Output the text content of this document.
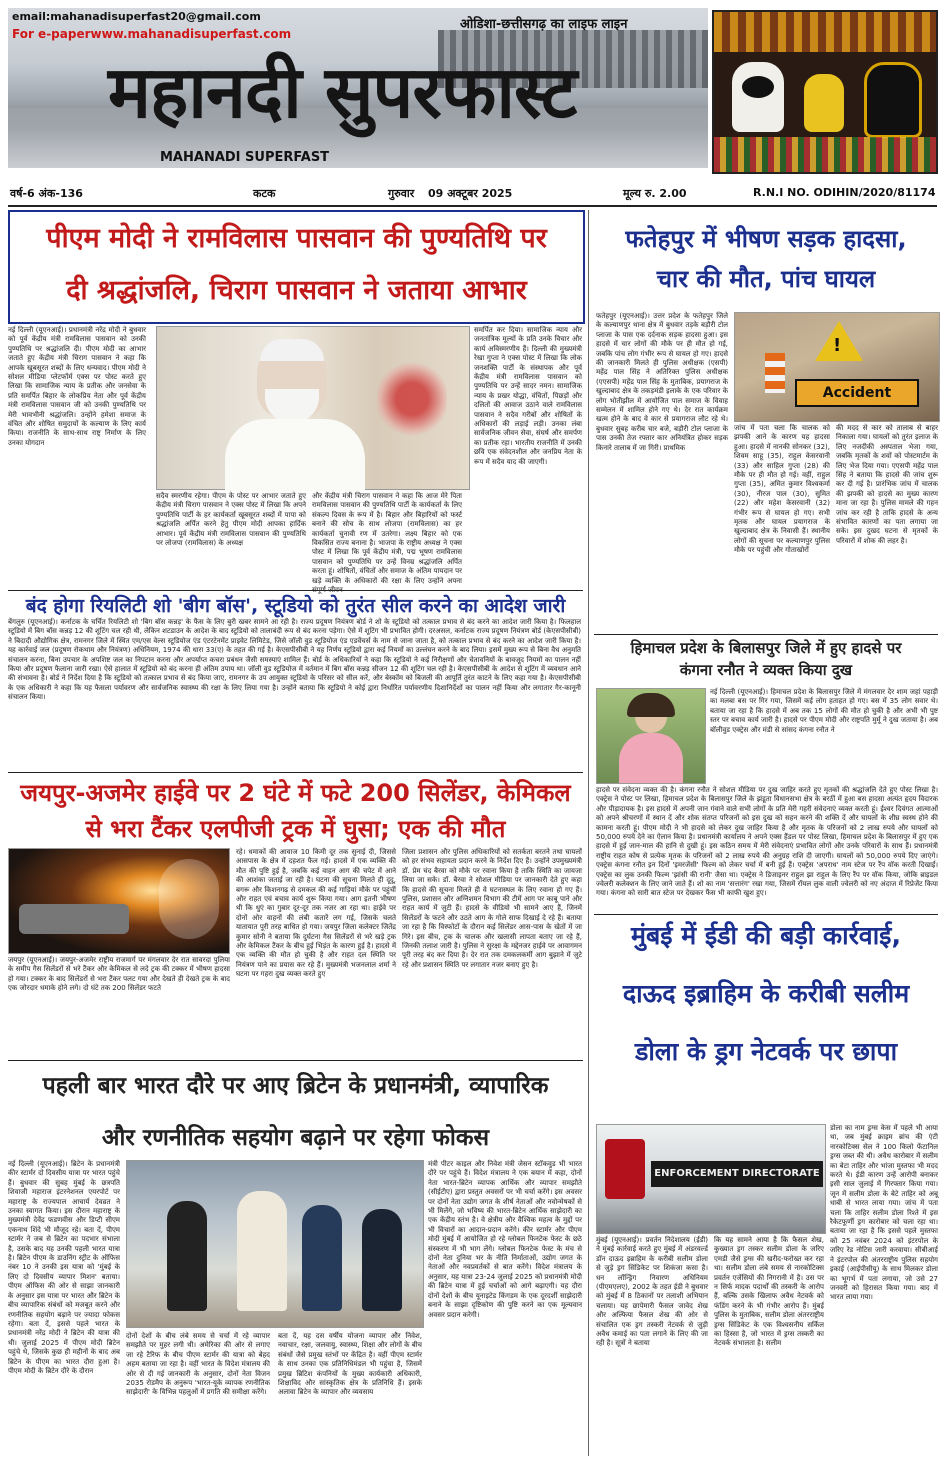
email:mahanadisuperfast20@gmail.com
For e-paperwww.mahanadisuperfast.com
ओडिशा-छत्तीसगढ़ का लाइफ लाइन
महानदी सुपरफास्ट
MAHANADI SUPERFAST
वर्ष-6 अंक-136	कटक	गुरुवार 09 अक्टूबर 2025	मूल्य रु. 2.00	R.N.I NO. ODIHIN/2020/81174
पीएम मोदी ने रामविलास पासवान की पुण्यतिथि पर
दी श्रद्धांजलि, चिराग पासवान ने जताया आभार
नई दिल्ली (यूएनआई)। प्रधानमंत्री नरेंद्र मोदी ने बुधवार को पूर्व केंद्रीय मंत्री रामविलास पासवान को उनकी पुण्यतिथि पर श्रद्धांजलि दी। पीएम मोदी का आभार जताते हुए केंद्रीय मंत्री चिराग पासवान ने कहा कि आपके खूबसूरत शब्दों के लिए धन्यवाद। पीएम मोदी ने सोशल मीडिया प्लेटफॉर्म एक्स पर पोस्ट करते हुए लिखा कि सामाजिक न्याय के प्रतीक और जनसेवा के प्रति समर्पित बिहार के लोकप्रिय नेता और पूर्व केंद्रीय मंत्री रामविलास पासवान जी को उनकी पुण्यतिथि पर मेरी भावभीनी श्रद्धांजलि। उन्होंने हमेशा समाज के वंचित और शोषित समुदायों के कल्याण के लिए कार्य किया। राजनीति के साथ-साथ राष्ट्र निर्माण के लिए उनका योगदान
सदैव स्मरणीय रहेगा। पीएम के पोस्ट पर आभार जताते हुए केंद्रीय मंत्री चिराग पासवान ने एक्स पोस्ट में लिखा कि अपने पुण्यतिथि पार्टी के हर कार्यकर्ता खूबसूरत शब्दों में पापा को श्रद्धांजलि अर्पित करने हेतु पीएम मोदी आपका हार्दिक आभार। पूर्व केंद्रीय मंत्री रामविलास पासवान की पुण्यतिथि पर लोजपा (रामविलास) के अध्यक्ष
और केंद्रीय मंत्री चिराग पासवान ने कहा कि आज मेरे पिता रामविलास पासवान की पुण्यतिथि पार्टी के कार्यकर्ता के लिए संकल्प दिवस के रूप में है। बिहार और बिहारियों को फर्स्ट बनाने की सोच के साथ लोजपा (रामविलास) का हर कार्यकर्ता चुनावी रण में उतरेगा। लक्ष्य बिहार को एक विकसित राज्य बनाना है। भाजपा के राष्ट्रीय अध्यक्ष ने एक्स पोस्ट में लिखा कि पूर्व केंद्रीय मंत्री, पद्म भूषण रामविलास पासवान को पुण्यतिथि पर उन्हें विनम्र श्रद्धांजलि अर्पित करता हूं। शोषितों, वंचितों और समाज के अंतिम पायदान पर खड़े व्यक्ति के अधिकारों की रक्षा के लिए उन्होंने अपना
समर्पित कर दिया। सामाजिक न्याय और जनतांत्रिक मूल्यों के प्रति उनके विचार और कार्य अविस्मरणीय हैं। दिल्ली की मुख्यमंत्री रेखा गुप्ता ने एक्स पोस्ट में लिखा कि लोक जनशक्ति पार्टी के संस्थापक और पूर्व केंद्रीय मंत्री रामविलास पासवान को पुण्यतिथि पर उन्हें सादर नमन। सामाजिक न्याय के प्रखर योद्धा, वंचितों, पिछड़ों और दलितों की आवाज उठाने वाले रामविलास पासवान ने सदैव गरीबों और शोषितों के अधिकारों की लड़ाई लड़ी। उनका लंबा सार्वजनिक जीवन सेवा, संघर्ष और समर्पण का प्रतीक रहा। भारतीय राजनीति में उनकी छवि एक संवेदनशील और जनप्रिय नेता के रूप में सदैव याद की जाएगी।
बंद होगा रियलिटी शो 'बीग बॉस', स्टूडियो को तुरंत सील करने का आदेश जारी
बेंगलुरु (यूएनआई)। कर्नाटक के चर्चित रियलिटी शो 'बिग बॉस कन्नड़' के फैंस के लिए बुरी खबर सामने आ रही है। राज्य प्रदूषण नियंत्रण बोर्ड ने शो के स्टूडियो को तत्काल प्रभाव से बंद करने का आदेश जारी किया है। फिलहाल स्टूडियो में बिग बॉस कन्नड़ 12 की शूटिंग चल रही थी, लेकिन शटडाउन के आदेश के बाद स्टूडियो को तालाबंदी रूप से बंद करना पड़ेगा। ऐसे में शूटिंग भी प्रभावित होगी। दरअसल, कर्नाटक राज्य प्रदूषण नियंत्रण बोर्ड (केएसपीसीबी) ने बिदादी औद्योगिक क्षेत्र, रामनगर जिले में स्थित एम/एस वेल्स स्टूडियोज एंड एंटरटेनमेंट प्राइवेट लिमिटेड, जिसे जॉली वुड स्टूडियोज एंड एडवेंचर्स के नाम से जाना जाता है, को तत्काल प्रभाव से बंद करने का आदेश जारी किया है। यह कार्रवाई जल (प्रदूषण रोकथाम और नियंत्रण) अधिनियम, 1974 की धारा 33(ए) के तहत की गई है। केएसपीसीबी ने यह निर्णय स्टूडियो द्वारा कई नियमों का उल्लंघन करने के बाद लिया। इसमें मुख्य रूप से बिना वैध अनुमति संचालन करना, बिना उपचार के अपशिष्ट जल का निपटान करना और अपर्याप्त कचरा प्रबंधन जैसी समस्याएं शामिल हैं। बोर्ड के अधिकारियों ने कहा कि स्टूडियो ने कई निरीक्षणों और चेतावनियों के बावजूद नियमों का पालन नहीं किया और प्रदूषण फैलाना जारी रखा। ऐसे हालात में स्टूडियो को बंद करना ही अंतिम उपाय था। जॉली वुड स्टूडियोज में वर्तमान में बिग बॉस कन्नड़ सीजन 12 की शूटिंग चल रही है। केएसपीसीबी के आदेश से शूटिंग में व्यवधान आने की संभावना है। बोर्ड ने निर्देश दिया है कि स्टूडियो को तत्काल प्रभाव से बंद किया जाए, रामनगर के उप आयुक्त स्टूडियो के परिसर को सील करें, और बेस्कॉम को बिजली की आपूर्ति तुरंत काटने के लिए कहा गया है। केएसपीसीबी के एक अधिकारी ने कहा कि यह फैसला पर्यावरण और सार्वजनिक स्वास्थ्य की रक्षा के लिए लिया गया है। उन्होंने बताया कि स्टूडियो ने कोई द्वारा निर्धारित पर्यावरणीय दिशानिर्देशों का पालन नहीं किया और लगातार गैर-कानूनी संचालन किया।
जयपुर-अजमेर हाईवे पर 2 घंटे में फटे 200 सिलेंडर, केमिकल
से भरा टैंकर एलपीजी ट्रक में घुसा; एक की मौत
जयपुर (यूएनआई)। जयपुर-अजमेर राष्ट्रीय राजमार्ग पर मंगलवार देर रात सावरदा पुलिया के समीप गैस सिलेंडरों से भरे टैंकर और केमिकल से लदे ट्रक की टक्कर में भीषण हादसा हो गया। टक्कर के बाद सिलेंडरों से भरा टैंकर पलट गया और देखते ही देखते ट्रक के बाद एक जोरदार धमाके होने लगे। दो घंटे तक 200 सिलेंडर फटते
रहे। धमाकों की आवाज 10 किमी दूर तक सुनाई दी, जिससे आसपास के क्षेत्र में दहशत फैल गई। हादसे में एक व्यक्ति की मौत की पुष्टि हुई है, जबकि कई वाहन आग की चपेट में आने की आशंका जताई जा रही है। घटना की सूचना मिलते ही दूदू, बगरू और किशनगढ़ से दमकल की कई गाड़ियां मौके पर पहुंचीं और राहत एवं बचाव कार्य शुरू किया गया। आग इतनी भीषण थी कि धुएं का गुबार दूर-दूर तक नजर आ रहा था। हाईवे पर दोनों ओर वाहनों की लंबी कतारें लग गई, जिसके चलते यातायात पूरी तरह बाधित हो गया। जयपुर जिला कलेक्टर जितेंद्र कुमार सोनी ने बताया कि दुर्घटना गैस सिलेंडरों से भरे खड़े ट्रक और केमिकल टैंकर के बीच हुई भिड़ंत के कारण हुई है। हादसे में एक व्यक्ति की मौत हो चुकी है और राहत दल स्थिति पर नियंत्रण पाने का प्रयास कर रहे हैं। मुख्यमंत्री भजनलाल शर्मा ने घटना पर गहरा दुख व्यक्त करते हुए
जिला प्रशासन और पुलिस अधिकारियों को सतर्कता बरतने तथा घायलों को हर संभव सहायता प्रदान करने के निर्देश दिए हैं। उन्होंने उपमुख्यमंत्री डॉ. प्रेम चंद बैरवा को मौके पर रवाना किया है ताकि स्थिति का जायजा लिया जा सके। डॉ. बैरवा ने सोशल मीडिया पर जानकारी देते हुए कहा कि हादसे की सूचना मिलते ही वे घटनास्थल के लिए रवाना हो गए हैं। पुलिस, प्रशासन और अग्निशमन विभाग की टीमें आग पर काबू पाने और राहत कार्य में जुटी हैं। हादसे के वीडियो भी सामने आए हैं, जिनमें सिलेंडरों के फटने और उठते आग के गोले साफ दिखाई दे रहे हैं। बताया जा रहा है कि विस्फोटों के दौरान कई सिलेंडर आस-पास के खेतों में जा गिरे। इस बीच, ट्रक के चालक और खलासी लापता बताए जा रहे हैं, जिनकी तलाश जारी है। पुलिस ने सुरक्षा के मद्देनजर हाईवे पर आवागमन पूरी तरह बंद कर दिया है। देर रात तक दमकलकर्मी आग बुझाने में जुटे रहे और प्रशासन स्थिति पर लगातार नजर बनाए हुए है।
पहली बार भारत दौरे पर आए ब्रिटेन के प्रधानमंत्री, व्यापारिक
और रणनीतिक सहयोग बढ़ाने पर रहेगा फोकस
नई दिल्ली (यूएनआई)। ब्रिटेन के प्रधानमंत्री कीर स्टार्मर दो दिवसीय यात्रा पर भारत पहुंचे हैं। बुधवार की सुबह मुंबई के छत्रपति शिवाजी महाराज इंटरनेशनल एयरपोर्ट पर महाराष्ट्र के राज्यपाल आचार्य देवव्रत ने उनका स्वागत किया। इस दौरान महाराष्ट्र के मुख्यमंत्री देवेंद्र फडणवीस और डिप्टी सीएम एकनाथ शिंदे भी मौजूद रहे। बता दें, पीएम स्टार्मर ने जब से ब्रिटेन का पदभार संभाला है, उसके बाद यह उनकी पहली भारत यात्रा है। ब्रिटेन पीएम के डाउनिंग स्ट्रीट के ऑफिस नंबर 10 ने उनकी इस यात्रा को 'मुंबई के लिए दो दिवसीय व्यापार मिशन' बताया। पीएम ऑफिस की ओर से साझा जानकारी के अनुसार इस यात्रा पर भारत और ब्रिटेन के बीच व्यापारिक संबंधों को मजबूत करने और रणनीतिक सहयोग बढ़ाने पर ज्यादा फोकस रहेगा। बता दें, इससे पहले भारत के प्रधानमंत्री नरेंद्र मोदी ने ब्रिटेन की यात्रा की थी। जुलाई 2025 में पीएम मोदी ब्रिटेन पहुंचे थे, जिसके कुछ ही महीनों के बाद अब ब्रिटेन के पीएम का भारत दौरा हुआ है। पीएम मोदी के ब्रिटेन दौरे के दौरान
दोनों देशों के बीच लंबे समय से चर्चा में रहे व्यापार समझौते पर मुहर लगी थी। अमेरिका की ओर से लगाए जा रहे टैरिफ के बीच पीएम स्टार्मर की यात्रा को बेहद अहम बताया जा रहा है। वहीं भारत के विदेश मंत्रालय की ओर से दी गई जानकारी के अनुसार, दोनों नेता विजन 2035 रोडमैप के अनुरूप 'भारत-यूके व्यापक रणनीतिक साझेदारी' के विभिन्न पहलुओं में प्रगति की समीक्षा करेंगे।
बता दें, यह दस वर्षीय योजना व्यापार और निवेश, नवाचार, रक्षा, जलवायु, स्वास्थ्य, शिक्षा और लोगों के बीच संबंधों जैसे प्रमुख स्तंभों पर केंद्रित है। वहीं पीएम स्टार्मर के साथ उनका एक प्रतिनिधिमंडल भी पहुंचा है, जिसमें प्रमुख ब्रिटिश कंपनियों के मुख्य कार्यकारी अधिकारी, शिक्षाविद और सांस्कृतिक क्षेत्र के प्रतिनिधि हैं। इसके अलावा ब्रिटेन के व्यापार और व्यवसाय
मंत्री पीटर काइल और निवेश मंत्री जेसन स्टॉकवुड भी भारत दौरे पर पहुंचे हैं। विदेश मंत्रालय ने एक बयान में कहा, दोनों नेता भारत-ब्रिटेन व्यापक आर्थिक और व्यापार समझौते (सीईटीए) द्वारा प्रस्तुत अवसरों पर भी चर्चा करेंगे। इस अवसर पर दोनों नेता उद्योग जगत के शीर्ष नेताओं और नवोन्मेषकों से भी मिलेंगे, जो भविष्य की भारत-ब्रिटेन आर्थिक साझेदारी का एक केंद्रीय स्तंभ है। वे क्षेत्रीय और वैश्विक महत्व के मुद्दों पर भी विचारों का आदान-प्रदान करेंगे। कीर स्टार्मर और पीएम मोदी मुंबई में आयोजित हो रहे ग्लोबल फिनटेक फेस्ट के छठे संस्करण में भी भाग लेंगे। ग्लोबल फिनटेक फेस्ट के मंच से दोनों नेता दुनिया भर के नीति निर्माताओं, उद्योग जगत के नेताओं और नवप्रवर्तकों से बात करेंगे। विदेश मंत्रालय के अनुसार, यह यात्रा 23-24 जुलाई 2025 को प्रधानमंत्री मोदी की ब्रिटेन यात्रा में हुई चर्चाओं को आगे बढ़ाएगी। यह दौरा दोनों देशों के बीच यूनाइटेड किंगडम के एक दूरदर्शी साझेदारी बनाने के साझा दृष्टिकोण की पुष्टि करने का एक मूल्यवान अवसर प्रदान करेगी।
फतेहपुर में भीषण सड़क हादसा,
चार की मौत, पांच घायल
फतेहपुर (यूएनआई)। उत्तर प्रदेश के फतेहपुर जिले के कल्याणपुर थाना क्षेत्र में बुधवार तड़के बड़ौरी टोल प्लाजा के पास एक दर्दनाक सड़क हादसा हुआ। इस हादसे में चार लोगों की मौके पर ही मौत हो गई, जबकि पांच लोग गंभीर रूप से घायल हो गए। हादसे की जानकारी मिलते ही पुलिस अधीक्षक (एसपी) महेंद्र पाल सिंह ने अतिरिक्त पुलिस अधीक्षक (एएसपी) महेंद्र पाल सिंह के मुताबिक, प्रयागराज के खुल्दाबाद क्षेत्र के तकड़मंडी इलाके के एक परिवार के लोग भोतीझील में आयोजित पाल समाज के विवाह सम्मेलन में शामिल होने गए थे। देर रात कार्यक्रम खत्म होने के बाद वे कार से प्रयागराज लौट रहे थे। बुधवार सुबह करीब चार बजे, बड़ौरी टोल प्लाजा के पास उनकी तेज रफ्तार कार अनियंत्रित होकर सड़क किनारे तालाब में जा गिरी। प्राथमिक
!
Accident
जांच में पता चला कि चालक को झपकी आने के कारण यह हादसा हुआ। हादसे में नानकी सोनकर (32), शिवम साहू (35), राहुल केसरवानी (33) और साहिल गुप्ता (28) की मौके पर ही मौत हो गई। वहीं, राहुल गुप्ता (35), अमित कुमार विश्वकर्मा (30), नीरज पाल (30), सुमित (22) और महेश केसरवानी (32) गंभीर रूप से घायल हो गए। सभी मृतक और घायल प्रयागराज के खुल्दाबाद क्षेत्र के निवासी हैं। स्थानीय लोगों की सूचना पर कल्याणपुर पुलिस मौके पर पहुंची और गोताखोरों
की मदद से कार को तालाब से बाहर निकाला गया। घायलों को तुरंत इलाज के लिए नजदीकी अस्पताल भेजा गया, जबकि मृतकों के शवों को पोस्टमार्टम के लिए भेज दिया गया। एएसपी महेंद्र पाल सिंह ने बताया कि हादसे की जांच शुरू कर दी गई है। प्रारंभिक जांच में चालक की झपकी को हादसे का मुख्य कारण माना जा रहा है। पुलिस मामले की गहन जांच कर रही है ताकि हादसे के अन्य संभावित कारणों का पता लगाया जा सके। इस दुखद घटना से मृतकों के परिवारों में शोक की लहर है।
हिमाचल प्रदेश के बिलासपुर जिले में हुए हादसे पर
कंगना रनौत ने व्यक्त किया दुख
नई दिल्ली (यूएनआई)। हिमाचल प्रदेश के बिलासपुर जिले में मंगलवार देर शाम जहां पहाड़ी का मलबा बस पर गिर गया, जिसमें कई लोग हताहत हो गए। बस में 35 लोग सवार थे। बताया जा रहा है कि हादसे में अब तक 15 लोगों की मौत हो चुकी है और अभी भी पुष्ट स्तर पर बचाव कार्य जारी है। हादसे पर पीएम मोदी और राष्ट्रपति मुर्मू ने दुख जताया है। अब बॉलीवुड एक्ट्रेस और मंडी से सांसद कंगना रनौत ने
हादसे पर संवेदना व्यक्त की है। कंगना रनौत ने सोशल मीडिया पर दुख जाहिर करते हुए मृतकों की श्रद्धांजलि देते हुए पोस्ट लिखा है। एक्ट्रेस ने पोस्ट पर लिखा, हिमाचल प्रदेश के बिलासपुर जिले के झंडूता विधानसभा क्षेत्र के बरठीं में हुआ बस हादसा अत्यंत हृदय विदारक और पीड़ादायक है। इस हादसे में अपनी जान गंवाने वाले सभी लोगों के प्रति मेरी गहरी संवेदनाएं व्यक्त करती हूं। ईश्वर दिवंगत आत्माओं को अपने श्रीचरणों में स्थान दें और शोक संतप्त परिजनों को इस दुख को सहन करने की शक्ति दें और घायलों के शीघ्र स्वस्थ होने की कामना करती हूं। पीएम मोदी ने भी हादसे को लेकर दुख जाहिर किया है और मृतक के परिजनों को 2 लाख रुपये और घायलों को 50,000 रुपये देने का ऐलान किया है। प्रधानमंत्री कार्यालय ने अपने एक्स हैंडल पर पोस्ट लिखा, हिमाचल प्रदेश के बिलासपुर में हुए एक हादसे में हुई जान-माल की हानि से दुखी हूं। इस कठिन समय में मेरी संवेदनाएं प्रभावित लोगों और उनके परिवारों के साथ हैं। प्रधानमंत्री राष्ट्रीय राहत कोष से प्रत्येक मृतक के परिजनों को 2 लाख रुपये की अनुग्रह राशि दी जाएगी। घायलों को 50,000 रुपये दिए जाएंगे। एक्ट्रेस कंगना रनौत इन दिनों 'इमरजेंसी' फिल्म को लेकर चर्चा में बनी हुई हैं। एक्ट्रेस 'अपराध' नाम स्टेज पर रैंप वॉक करती दिखाईं। एक्ट्रेस का लुक उनकी फिल्म 'झांसी की रानी' जैसा था। एक्ट्रेस ने डिजाइनर राहुल झा राहुल के लिए रैंप पर वॉक किया, जोकि ब्राइडल ज्वेलरी कलेक्शन के लिए जाने जाते हैं। शो का नाम 'सत्तारंग' रखा गया, जिसमें रॉयल लुक वाली ज्वेलरी को नए अंदाज में रिप्रेजेंट किया गया। कंगना को सारी बात स्टेज पर देखकर फैंस भी काफी खुश हुए।
मुंबई में ईडी की बड़ी कार्रवाई,
दाऊद इब्राहिम के करीबी सलीम
डोला के ड्रग नेटवर्क पर छापा
ENFORCEMENT DIRECTORATE
डोला का नाम ड्रग्स केस में पहले भी आया था, जब मुंबई क्राइम ब्रांच की एंटी नारकोटिक्स सेल ने 100 किलो फेंटानिल ड्रग्स जब्त की थी। अवैध कारोबार में सलीम का बेटा ताहिर और भांजा मुस्तफा भी मदद करते थे। ईडी कारण उन्हें आरोपी बनाकर इसी साल जुलाई में गिरफ्तार किया गया। जून में सलीम डोला के बेटे ताहिर को अबू धाबी से भारत लाया गया। जांच में पता चला कि ताहिर सलीम डोला रिश्ते में इस रैकेटफूर्णी ड्रग कारोबार को चला रहा था। बताया जा रहा है कि इससे पहले मुस्तफा को 25 नवंबर 2024 को इंटरपोल के जरिए रेड नोटिस जारी करवाया। सीबीआई ने इंटरपोल की अंतरराष्ट्रीय पुलिस सहयोग इकाई (आईपीसीयू) के साथ मिलकर डोला का भूगर्भ में पता लगाया, जो उसे 27 जनवरी को हिरासत किया गया। बाद में भारत लाया गया।
मुंबई (यूएनआई)। प्रवर्तन निदेशालय (ईडी) ने मुंबई कार्रवाई करते हुए मुंबई में अंडरवर्ल्ड डॉन दाऊद इब्राहिम के करीबी सलीम डोला से जुड़े ड्रग सिंडिकेट पर शिकंजा कसा है। धन लॉन्ड्रिंग निवारण अधिनियम (पीएमएलए), 2002 के तहत ईडी ने बुधवार को मुंबई में 8 ठिकानों पर तलाशी अभियान चलाया। यह छापेमारी फैसल जावेद शेख और अल्फिया फैसल शेख की ओर से संचालित एक ड्रग तस्करी नेटवर्क से जुड़ी अवैध कमाई का पता लगाने के लिए की जा रही है। सूत्रों ने बताया
कि यह सामने आया है कि फैसल शेख, कुख्यात ड्रग तस्कर सलीम डोला के जरिए एमडी जैसे ड्रग्स की खरीद-फरोख्त कर रहा था। सलीम डोला लंबे समय से नारकोटिक्स प्रवर्तन एजेंसियों की निगरानी में है। उस पर न सिर्फ मादक पदार्थों की तस्करी के आरोप हैं, बल्कि उसके खिलाफ अवैध नेटवर्क को फंडिंग करने के भी गंभीर आरोप हैं। मुंबई पुलिस के मुताबिक, सलीम डोला अंतरराष्ट्रीय ड्रग्स सिंडिकेट के एक विश्वसनीय सर्किल का हिस्सा है, जो भारत में ड्रग्स तस्करी का नेटवर्क संभालता है। सलीम
